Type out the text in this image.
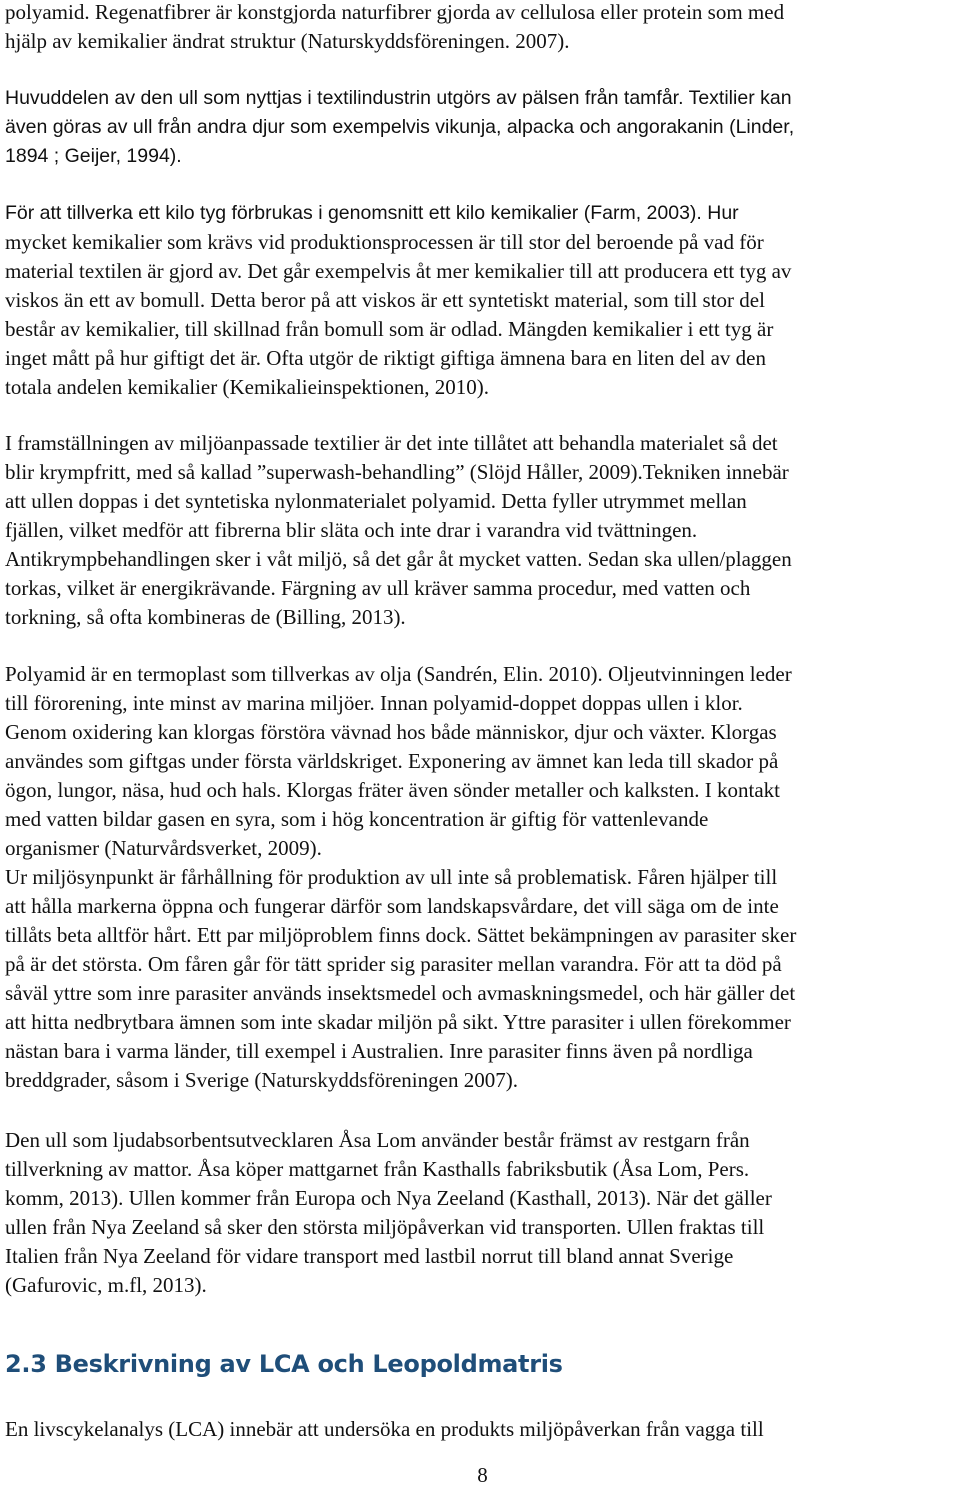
polyamid. Regenatfibrer är konstgjorda naturfibrer gjorda av cellulosa eller protein som med
hjälp av kemikalier ändrat struktur (Naturskyddsföreningen. 2007).
Huvuddelen av den ull som nyttjas i textilindustrin utgörs av pälsen från tamfår. Textilier kan
även göras av ull från andra djur som exempelvis vikunja, alpacka och angorakanin (Linder,
1894 ; Geijer, 1994).
För att tillverka ett kilo tyg förbrukas i genomsnitt ett kilo kemikalier (Farm, 2003). Hur
mycket kemikalier som krävs vid produktionsprocessen är till stor del beroende på vad för
material textilen är gjord av. Det går exempelvis åt mer kemikalier till att producera ett tyg av
viskos än ett av bomull. Detta beror på att viskos är ett syntetiskt material, som till stor del
består av kemikalier, till skillnad från bomull som är odlad. Mängden kemikalier i ett tyg är
inget mått på hur giftigt det är. Ofta utgör de riktigt giftiga ämnena bara en liten del av den
totala andelen kemikalier (Kemikalieinspektionen, 2010).
I framställningen av miljöanpassade textilier är det inte tillåtet att behandla materialet så det
blir krympfritt, med så kallad ”superwash-behandling” (Slöjd Håller, 2009).Tekniken innebär
att ullen doppas i det syntetiska nylonmaterialet polyamid. Detta fyller utrymmet mellan
fjällen, vilket medför att fibrerna blir släta och inte drar i varandra vid tvättningen.
Antikrympbehandlingen sker i våt miljö, så det går åt mycket vatten. Sedan ska ullen/plaggen
torkas, vilket är energikrävande. Färgning av ull kräver samma procedur, med vatten och
torkning, så ofta kombineras de (Billing, 2013).
Polyamid är en termoplast som tillverkas av olja (Sandrén, Elin. 2010). Oljeutvinningen leder
till förorening, inte minst av marina miljöer. Innan polyamid-doppet doppas ullen i klor.
Genom oxidering kan klorgas förstöra vävnad hos både människor, djur och växter. Klorgas
användes som giftgas under första världskriget. Exponering av ämnet kan leda till skador på
ögon, lungor, näsa, hud och hals. Klorgas fräter även sönder metaller och kalksten. I kontakt
med vatten bildar gasen en syra, som i hög koncentration är giftig för vattenlevande
organismer (Naturvårdsverket, 2009).
Ur miljösynpunkt är fårhållning för produktion av ull inte så problematisk. Fåren hjälper till
att hålla markerna öppna och fungerar därför som landskapsvårdare, det vill säga om de inte
tillåts beta alltför hårt. Ett par miljöproblem finns dock. Sättet bekämpningen av parasiter sker
på är det största. Om fåren går för tätt sprider sig parasiter mellan varandra. För att ta död på
såväl yttre som inre parasiter används insektsmedel och avmaskningsmedel, och här gäller det
att hitta nedbrytbara ämnen som inte skadar miljön på sikt. Yttre parasiter i ullen förekommer
nästan bara i varma länder, till exempel i Australien. Inre parasiter finns även på nordliga
breddgrader, såsom i Sverige (Naturskyddsföreningen 2007).
Den ull som ljudabsorbentsutvecklaren Åsa Lom använder består främst av restgarn från
tillverkning av mattor. Åsa köper mattgarnet från Kasthalls fabriksbutik (Åsa Lom, Pers.
komm, 2013). Ullen kommer från Europa och Nya Zeeland (Kasthall, 2013). När det gäller
ullen från Nya Zeeland så sker den största miljöpåverkan vid transporten. Ullen fraktas till
Italien från Nya Zeeland för vidare transport med lastbil norrut till bland annat Sverige
(Gafurovic, m.fl, 2013).
2.3 Beskrivning av LCA och Leopoldmatris
En livscykelanalys (LCA) innebär att undersöka en produkts miljöpåverkan från vagga till
8
